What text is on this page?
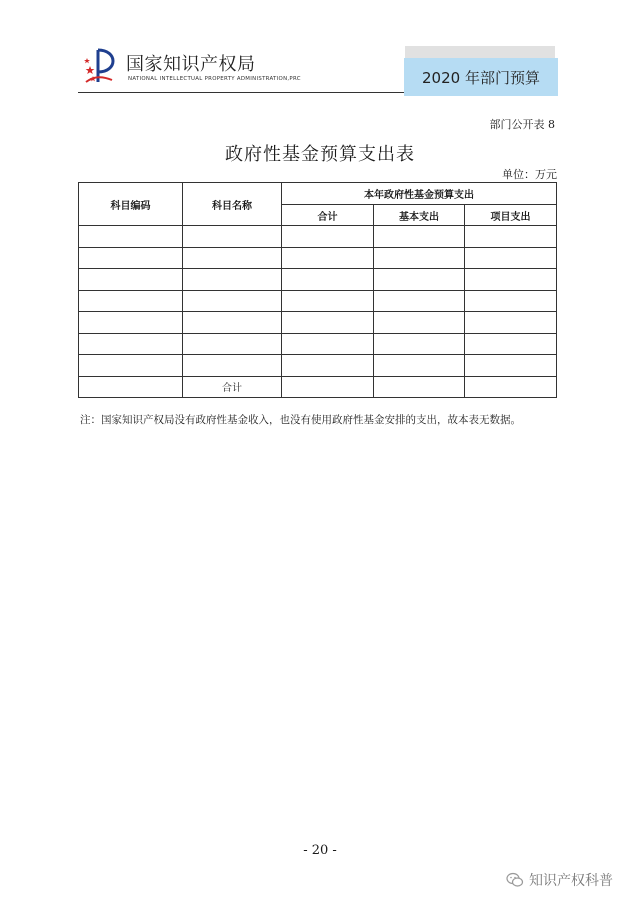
国家知识产权局
NATIONAL INTELLECTUAL PROPERTY ADMINISTRATION,PRC	2020 年部门预算
部门公开表 8
政府性基金预算支出表
单位：万元
科目编码	科目名称	本年政府性基金预算支出		
		合计	基本支出	项目支出

	合计			
注：国家知识产权局没有政府性基金收入，也没有使用政府性基金安排的支出，故本表无数据。
- 20 -
知识产权科普
